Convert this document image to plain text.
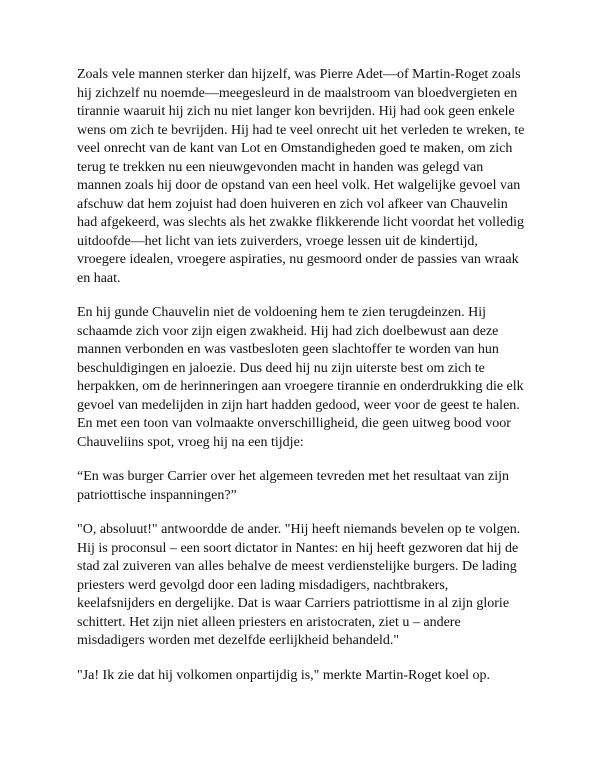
Zoals vele mannen sterker dan hijzelf, was Pierre Adet—of Martin-Roget zoals hij zichzelf nu noemde—meegesleurd in de maalstroom van bloedvergieten en tirannie waaruit hij zich nu niet langer kon bevrijden. Hij had ook geen enkele wens om zich te bevrijden. Hij had te veel onrecht uit het verleden te wreken, te veel onrecht van de kant van Lot en Omstandigheden goed te maken, om zich terug te trekken nu een nieuwgevonden macht in handen was gelegd van mannen zoals hij door de opstand van een heel volk. Het walgelijke gevoel van afschuw dat hem zojuist had doen huiveren en zich vol afkeer van Chauvelin had afgekeerd, was slechts als het zwakke flikkerende licht voordat het volledig uitdoofde—het licht van iets zuiverders, vroege lessen uit de kindertijd, vroegere idealen, vroegere aspiraties, nu gesmoord onder de passies van wraak en haat.

En hij gunde Chauvelin niet de voldoening hem te zien terugdeinzen. Hij schaamde zich voor zijn eigen zwakheid. Hij had zich doelbewust aan deze mannen verbonden en was vastbesloten geen slachtoffer te worden van hun beschuldigingen en jaloezie. Dus deed hij nu zijn uiterste best om zich te herpakken, om de herinneringen aan vroegere tirannie en onderdrukking die elk gevoel van medelijden in zijn hart hadden gedood, weer voor de geest te halen. En met een toon van volmaakte onverschilligheid, die geen uitweg bood voor Chauveliins spot, vroeg hij na een tijdje:

“En was burger Carrier over het algemeen tevreden met het resultaat van zijn patriottische inspanningen?”

"O, absoluut!" antwoordde de ander. "Hij heeft niemands bevelen op te volgen. Hij is proconsul – een soort dictator in Nantes: en hij heeft gezworen dat hij de stad zal zuiveren van alles behalve de meest verdienstelijke burgers. De lading priesters werd gevolgd door een lading misdadigers, nachtbrakers, keelafsnijders en dergelijke. Dat is waar Carriers patriottisme in al zijn glorie schittert. Het zijn niet alleen priesters en aristocraten, ziet u – andere misdadigers worden met dezelfde eerlijkheid behandeld."

"Ja! Ik zie dat hij volkomen onpartijdig is," merkte Martin-Roget koel op.
